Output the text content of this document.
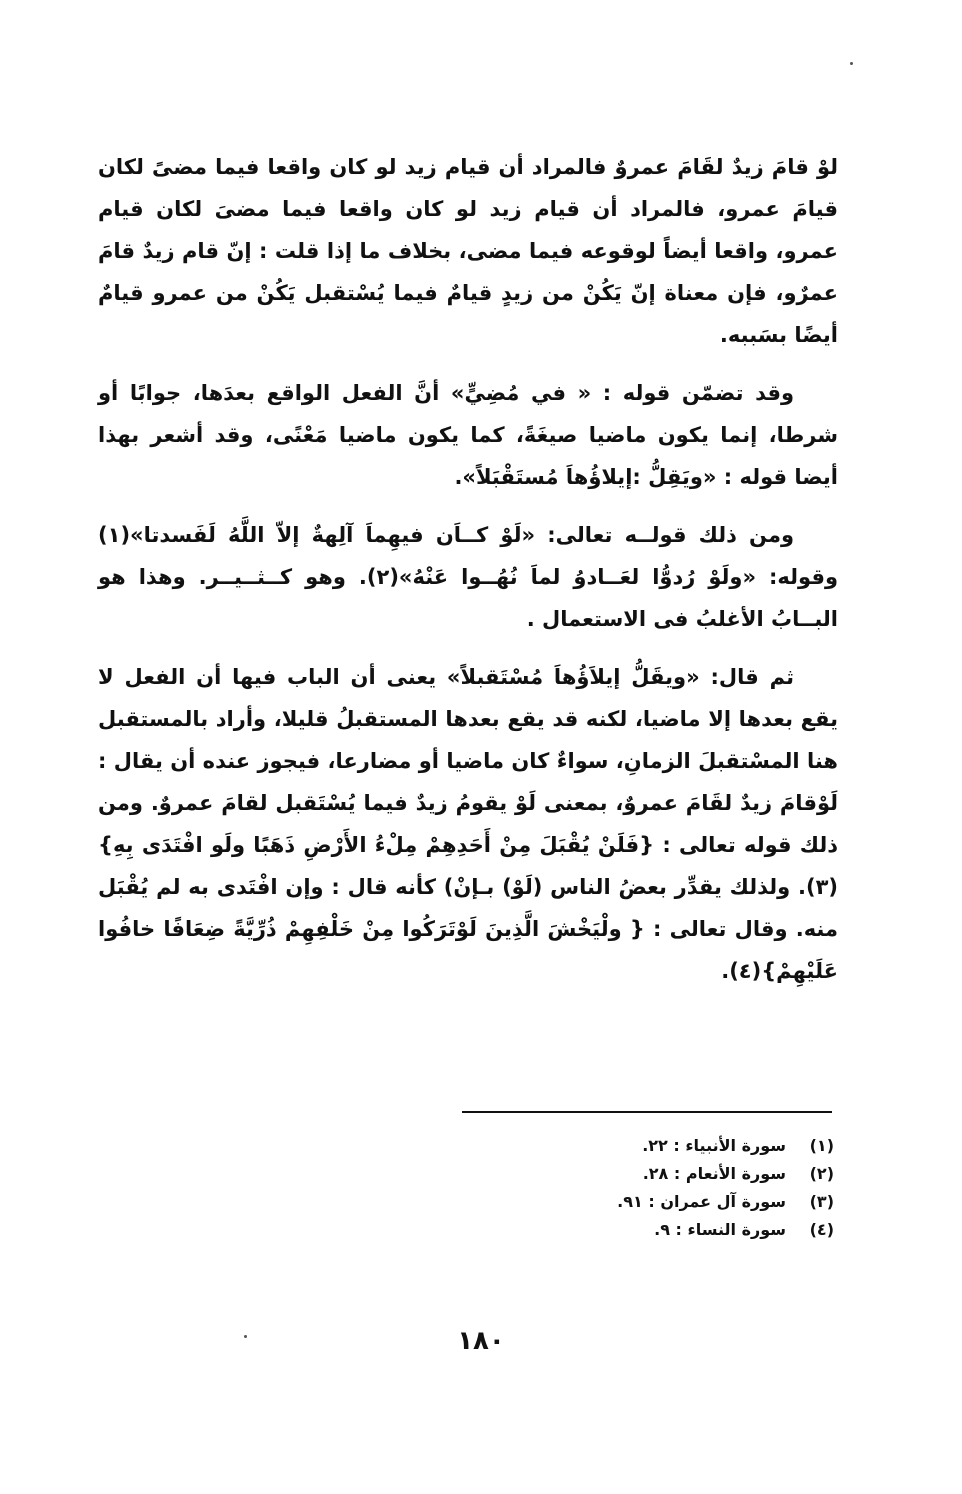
لوْ قامَ زيدٌ لقَامَ عمروٌ فالمراد أن قيام زيد لو كان واقعا فيما مضىً لكان قيامَ عمرو، فالمراد أن قيام زيد لو كان واقعا فيما مضىَ لكان قيام عمرو، واقعا أيضاً لوقوعه فيما مضى، بخلاف ما إذا قلت : إنّ قام زيدٌ قامَ عمرٌو، فإن معناة إنّ يَكُنْ من زيدٍ قيامٌ فيما يُسْتقبل يَكُنْ من عمرو قيامٌ أيضًا بسَببه.

وقد تضمّن قوله : « في مُضِيٍّ» أنَّ الفعل الواقع بعدَها، جوابًا أو شرطا، إنما يكون ماضيا صيغَةً، كما يكون ماضيا مَعْنًى، وقد أشعر بهذا أيضا قوله : «ويَقِلُّ :إيلاؤُهاَ مُستَقْبَلاً».

ومن ذلك قولــه تعالى: «لَوْ كــاَن فيهِماَ آلِهةٌ إلاّ اللَّهُ لَفَسدتا»(١) وقوله: «ولَوْ رُدوُّا لعَــادوُ لماَ نُهُــوا عَنْهُ»(٢). وهو كــثــيــر. وهذا هو البــابُ الأغلبُ فى الاستعمال .

ثم قال: «ويقَلُّ إيلاَؤُهاَ مُسْتَقبلاً» يعنى أن الباب فيها أن الفعل لا يقع بعدها إلا ماضيا، لكنه قد يقع بعدها المستقبلُ قليلا، وأراد بالمستقبل هنا المسْتقبلَ الزمانِ، سواءٌ كان ماضيا أو مضارعا، فيجوز عنده أن يقال : لَوْقامَ زيدٌ لقَامَ عمروٌ، بمعنى لَوْ يقومُ زيدٌ فيما يُسْتَقبل لقامَ عمروٌ. ومن ذلك قوله تعالى : {فَلَنْ يُقْبَلَ مِنْ أَحَدِهِمْ مِلْءُ الأَرْضِ ذَهَبًا ولَو افْتَدَى بِهِ}(٣). ولذلك يقدِّر بعضُ الناس (لَوْ) بـإنْ) كأنه قال : وإن افْتَدى به لم يُقْبَل منه. وقال تعالى : { ولْيَخْشَ الَّذِينَ لَوْتَرَكُوا مِنْ خَلْفِهِمْ ذُرِّيَّةً ضِعَافًا خافُوا عَلَيْهِمْ}(٤).

(١)
سورة الأنبياء : ٢٢.
(٢)
سورة الأنعام : ٢٨.
(٣)
سورة آل عمران : ٩١.
(٤)
سورة النساء : ٩.
١٨٠
